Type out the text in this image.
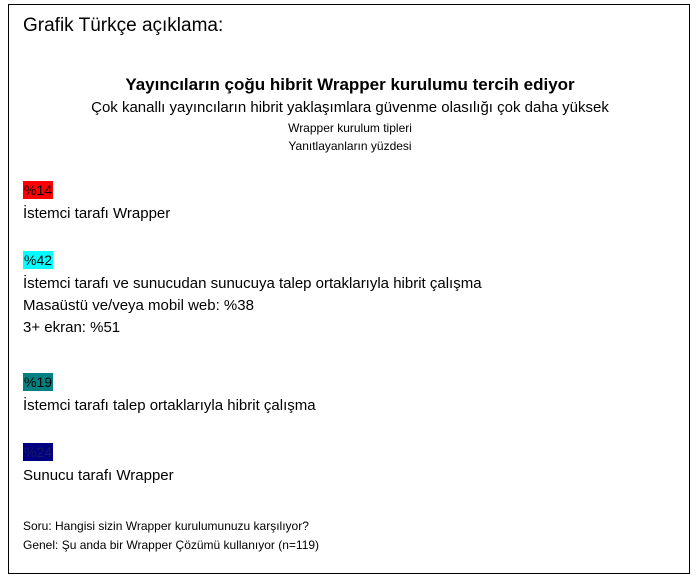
Grafik Türkçe açıklama:
Yayıncıların çoğu hibrit Wrapper kurulumu tercih ediyor
Çok kanallı yayıncıların hibrit yaklaşımlara güvenme olasılığı çok daha yüksek
Wrapper kurulum tipleri
Yanıtlayanların yüzdesi
%14
İstemci tarafı Wrapper
%42
İstemci tarafı ve sunucudan sunucuya talep ortaklarıyla hibrit çalışma
Masaüstü ve/veya mobil web: %38
3+ ekran: %51
%19
İstemci tarafı talep ortaklarıyla hibrit çalışma
%24
Sunucu tarafı Wrapper
Soru: Hangisi sizin Wrapper kurulumunuzu karşılıyor?
Genel: Şu anda bir Wrapper Çözümü kullanıyor (n=119)
